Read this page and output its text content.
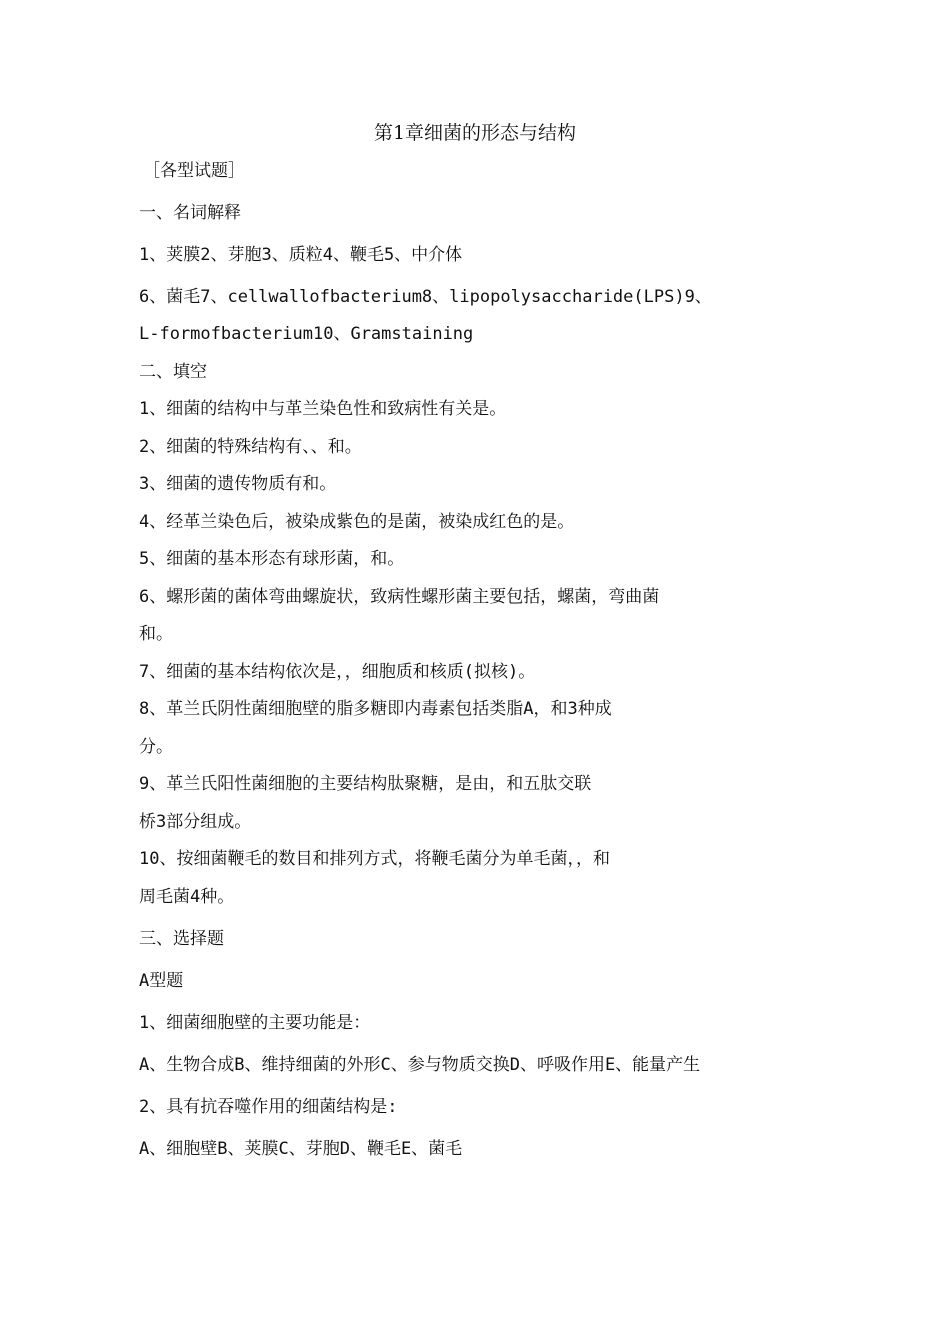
第1章细菌的形态与结构
［各型试题］
一、名词解释
1、荚膜2、芽胞3、质粒4、鞭毛5、中介体
6、菌毛7、cellwallofbacterium8、lipopolysaccharide(LPS)9、
L-formofbacterium10、Gramstaining
二、填空
1、细菌的结构中与革兰染色性和致病性有关是。
2、细菌的特殊结构有、、和。
3、细菌的遗传物质有和。
4、经革兰染色后，被染成紫色的是菌，被染成红色的是。
5、细菌的基本形态有球形菌，和。
6、螺形菌的菌体弯曲螺旋状，致病性螺形菌主要包括，螺菌，弯曲菌
和。
7、细菌的基本结构依次是，，细胞质和核质(拟核)。
8、革兰氏阴性菌细胞壁的脂多糖即内毒素包括类脂A，和3种成
分。
9、革兰氏阳性菌细胞的主要结构肽聚糖，是由，和五肽交联
桥3部分组成。
10、按细菌鞭毛的数目和排列方式，将鞭毛菌分为单毛菌，，和
周毛菌4种。
三、选择题
A型题
1、细菌细胞壁的主要功能是：
A、生物合成B、维持细菌的外形C、参与物质交换D、呼吸作用E、能量产生
2、具有抗吞噬作用的细菌结构是:
A、细胞壁B、荚膜C、芽胞D、鞭毛E、菌毛
